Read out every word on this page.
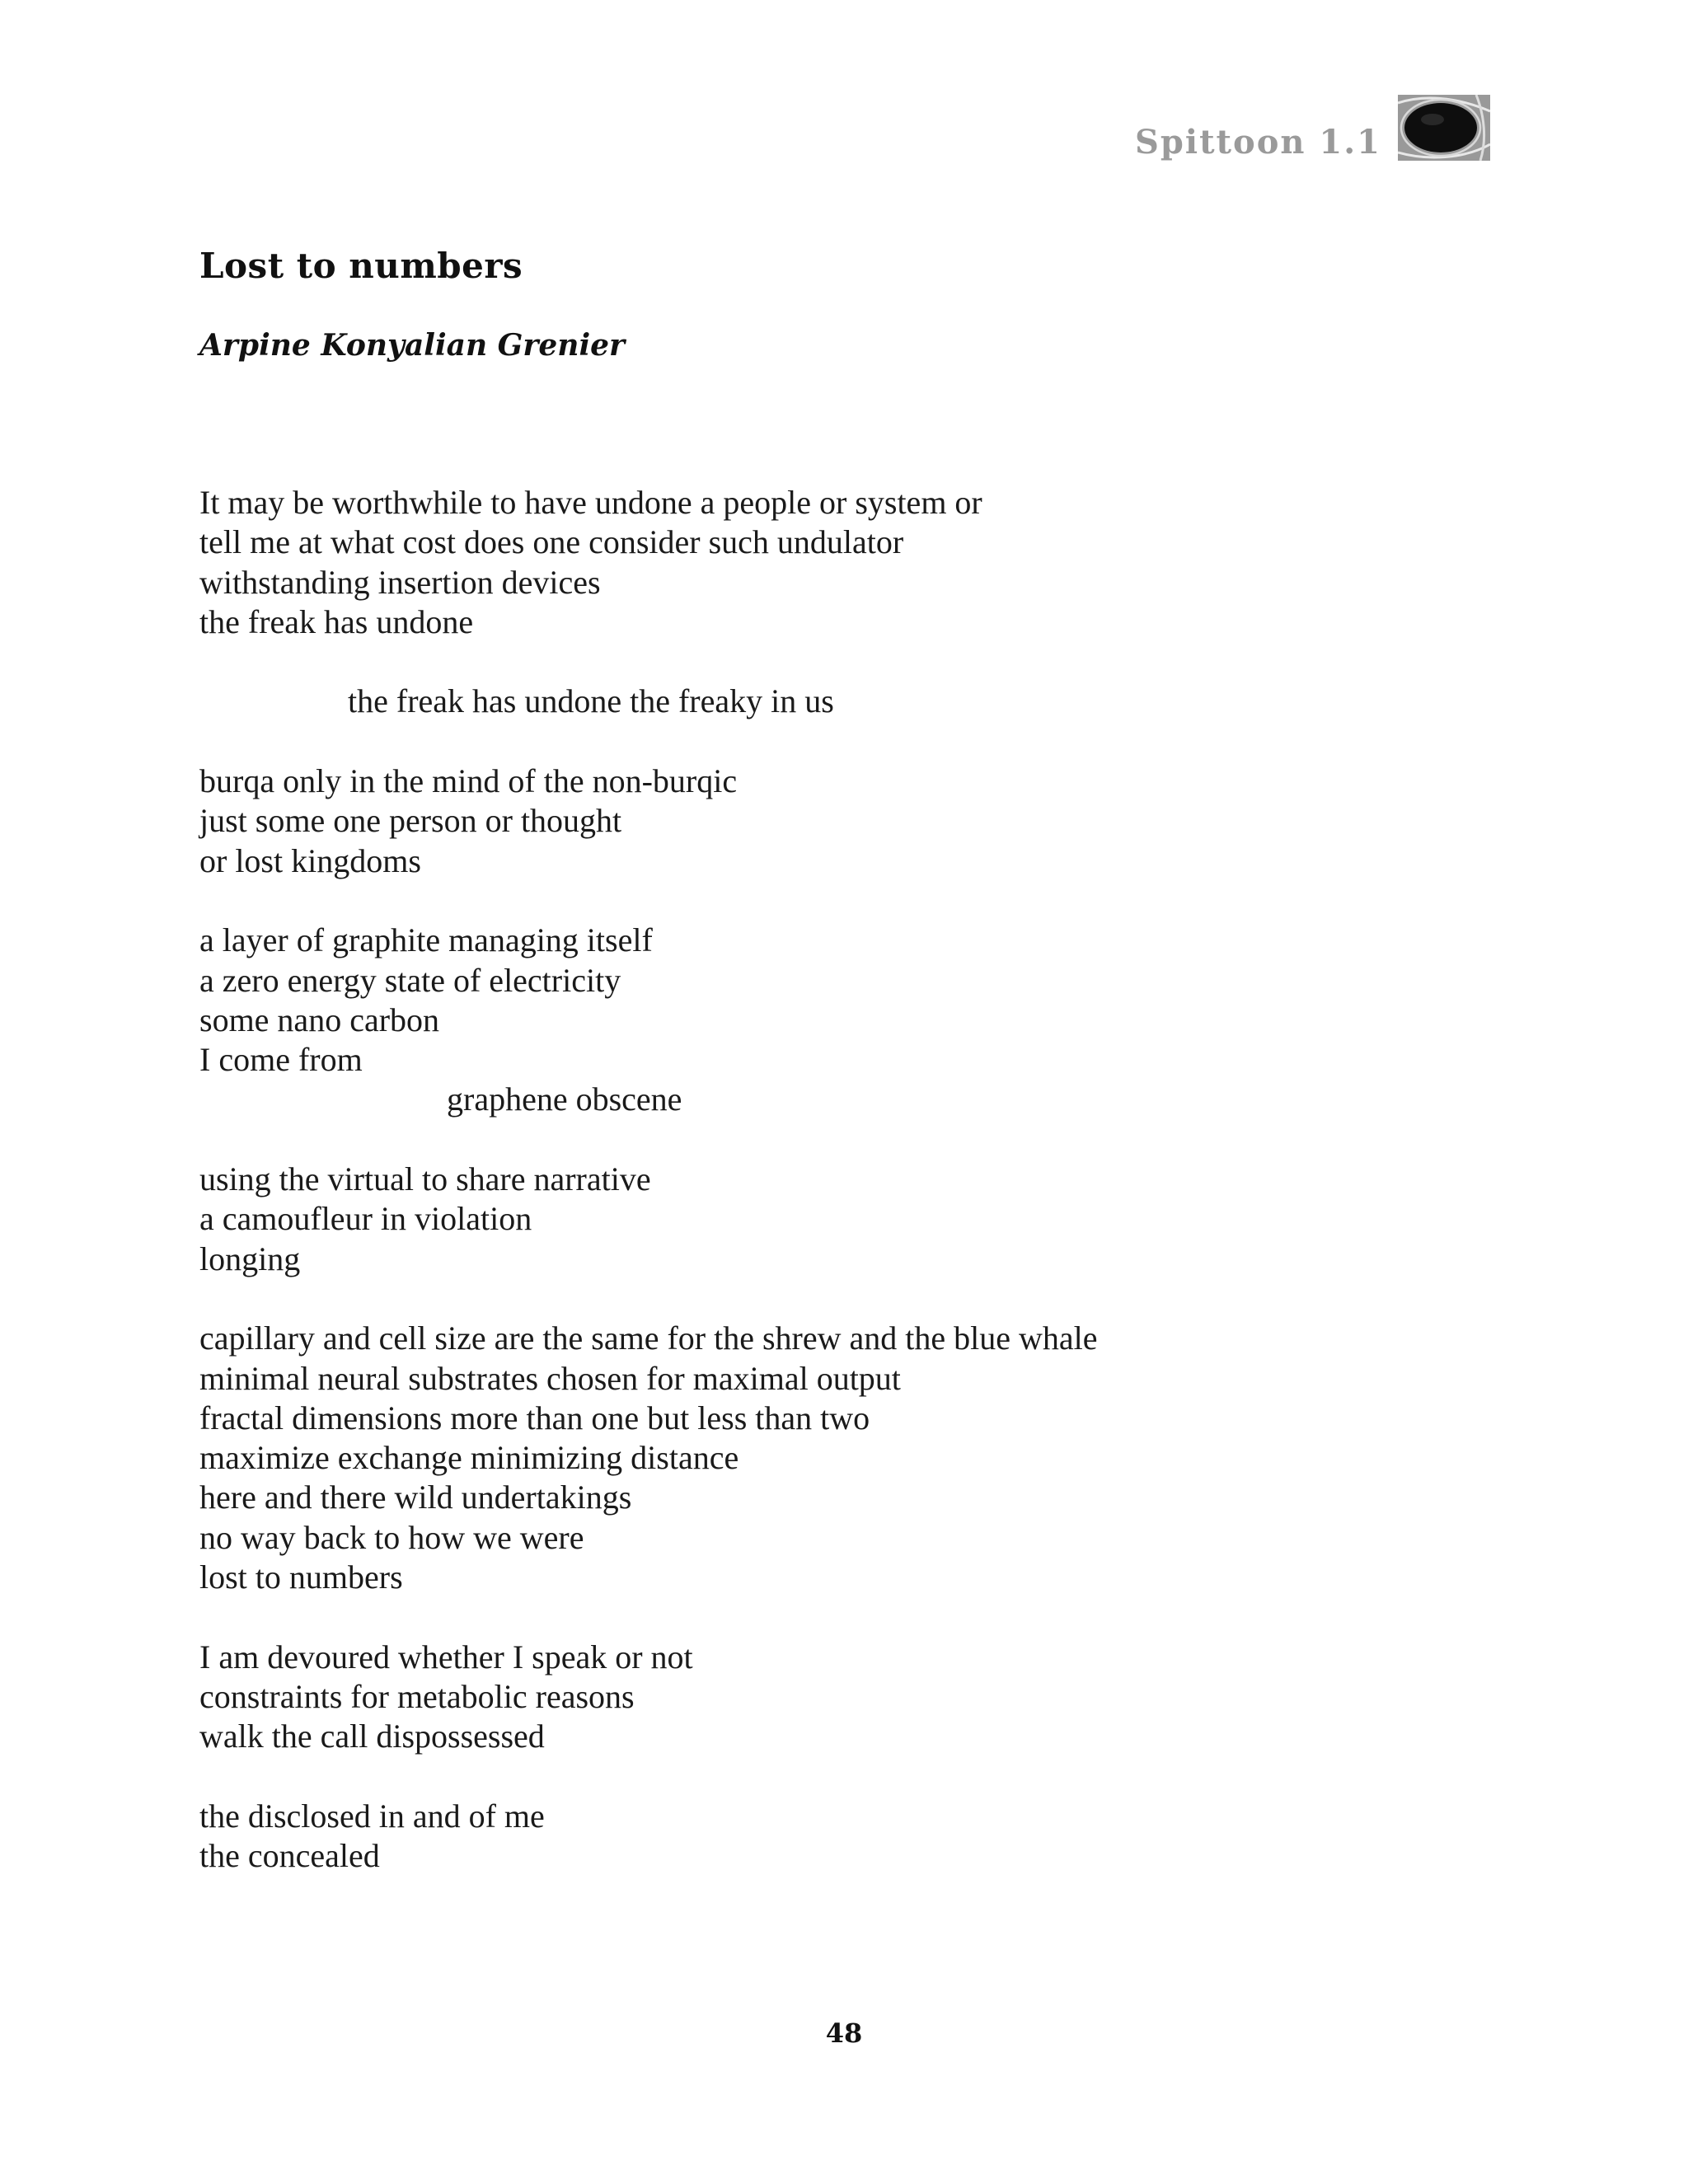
Spittoon 1.1
Lost to numbers
Arpine Konyalian Grenier
It may be worthwhile to have undone a people or system or
tell me at what cost does one consider such undulator
withstanding insertion devices
the freak has undone
the freak has undone the freaky in us
burqa only in the mind of the non-burqic
just some one person or thought
or lost kingdoms
a layer of graphite managing itself
a zero energy state of electricity
some nano carbon
I come from
graphene obscene
using the virtual to share narrative
a camoufleur in violation
longing
capillary and cell size are the same for the shrew and the blue whale
minimal neural substrates chosen for maximal output
fractal dimensions more than one but less than two
maximize exchange minimizing distance
here and there wild undertakings
no way back to how we were
lost to numbers
I am devoured whether I speak or not
constraints for metabolic reasons
walk the call dispossessed
the disclosed in and of me
the concealed
48
